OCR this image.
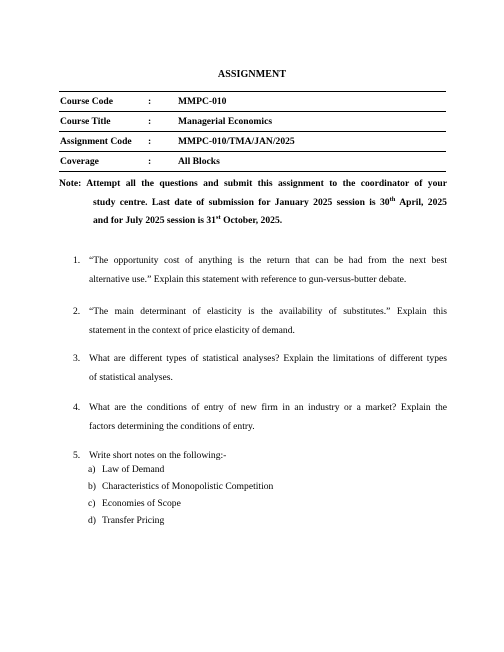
ASSIGNMENT
Course Code	:	MMPC-010
Course Title	:	Managerial Economics
Assignment Code :	MMPC-010/TMA/JAN/2025
Coverage	:	All Blocks
Note: Attempt all the questions and submit this assignment to the coordinator of your
study centre. Last date of submission for January 2025 session is 30th April, 2025
and for July 2025 session is 31st October, 2025.
1. “The opportunity cost of anything is the return that can be had from the next best
alternative use.” Explain this statement with reference to gun-versus-butter debate.
2. “The main determinant of elasticity is the availability of substitutes.” Explain this
statement in the context of price elasticity of demand.
3. What are different types of statistical analyses? Explain the limitations of different types
of statistical analyses.
4. What are the conditions of entry of new firm in an industry or a market? Explain the
factors determining the conditions of entry.
5. Write short notes on the following:-
a) Law of Demand
b) Characteristics of Monopolistic Competition
c) Economies of Scope
d) Transfer Pricing
